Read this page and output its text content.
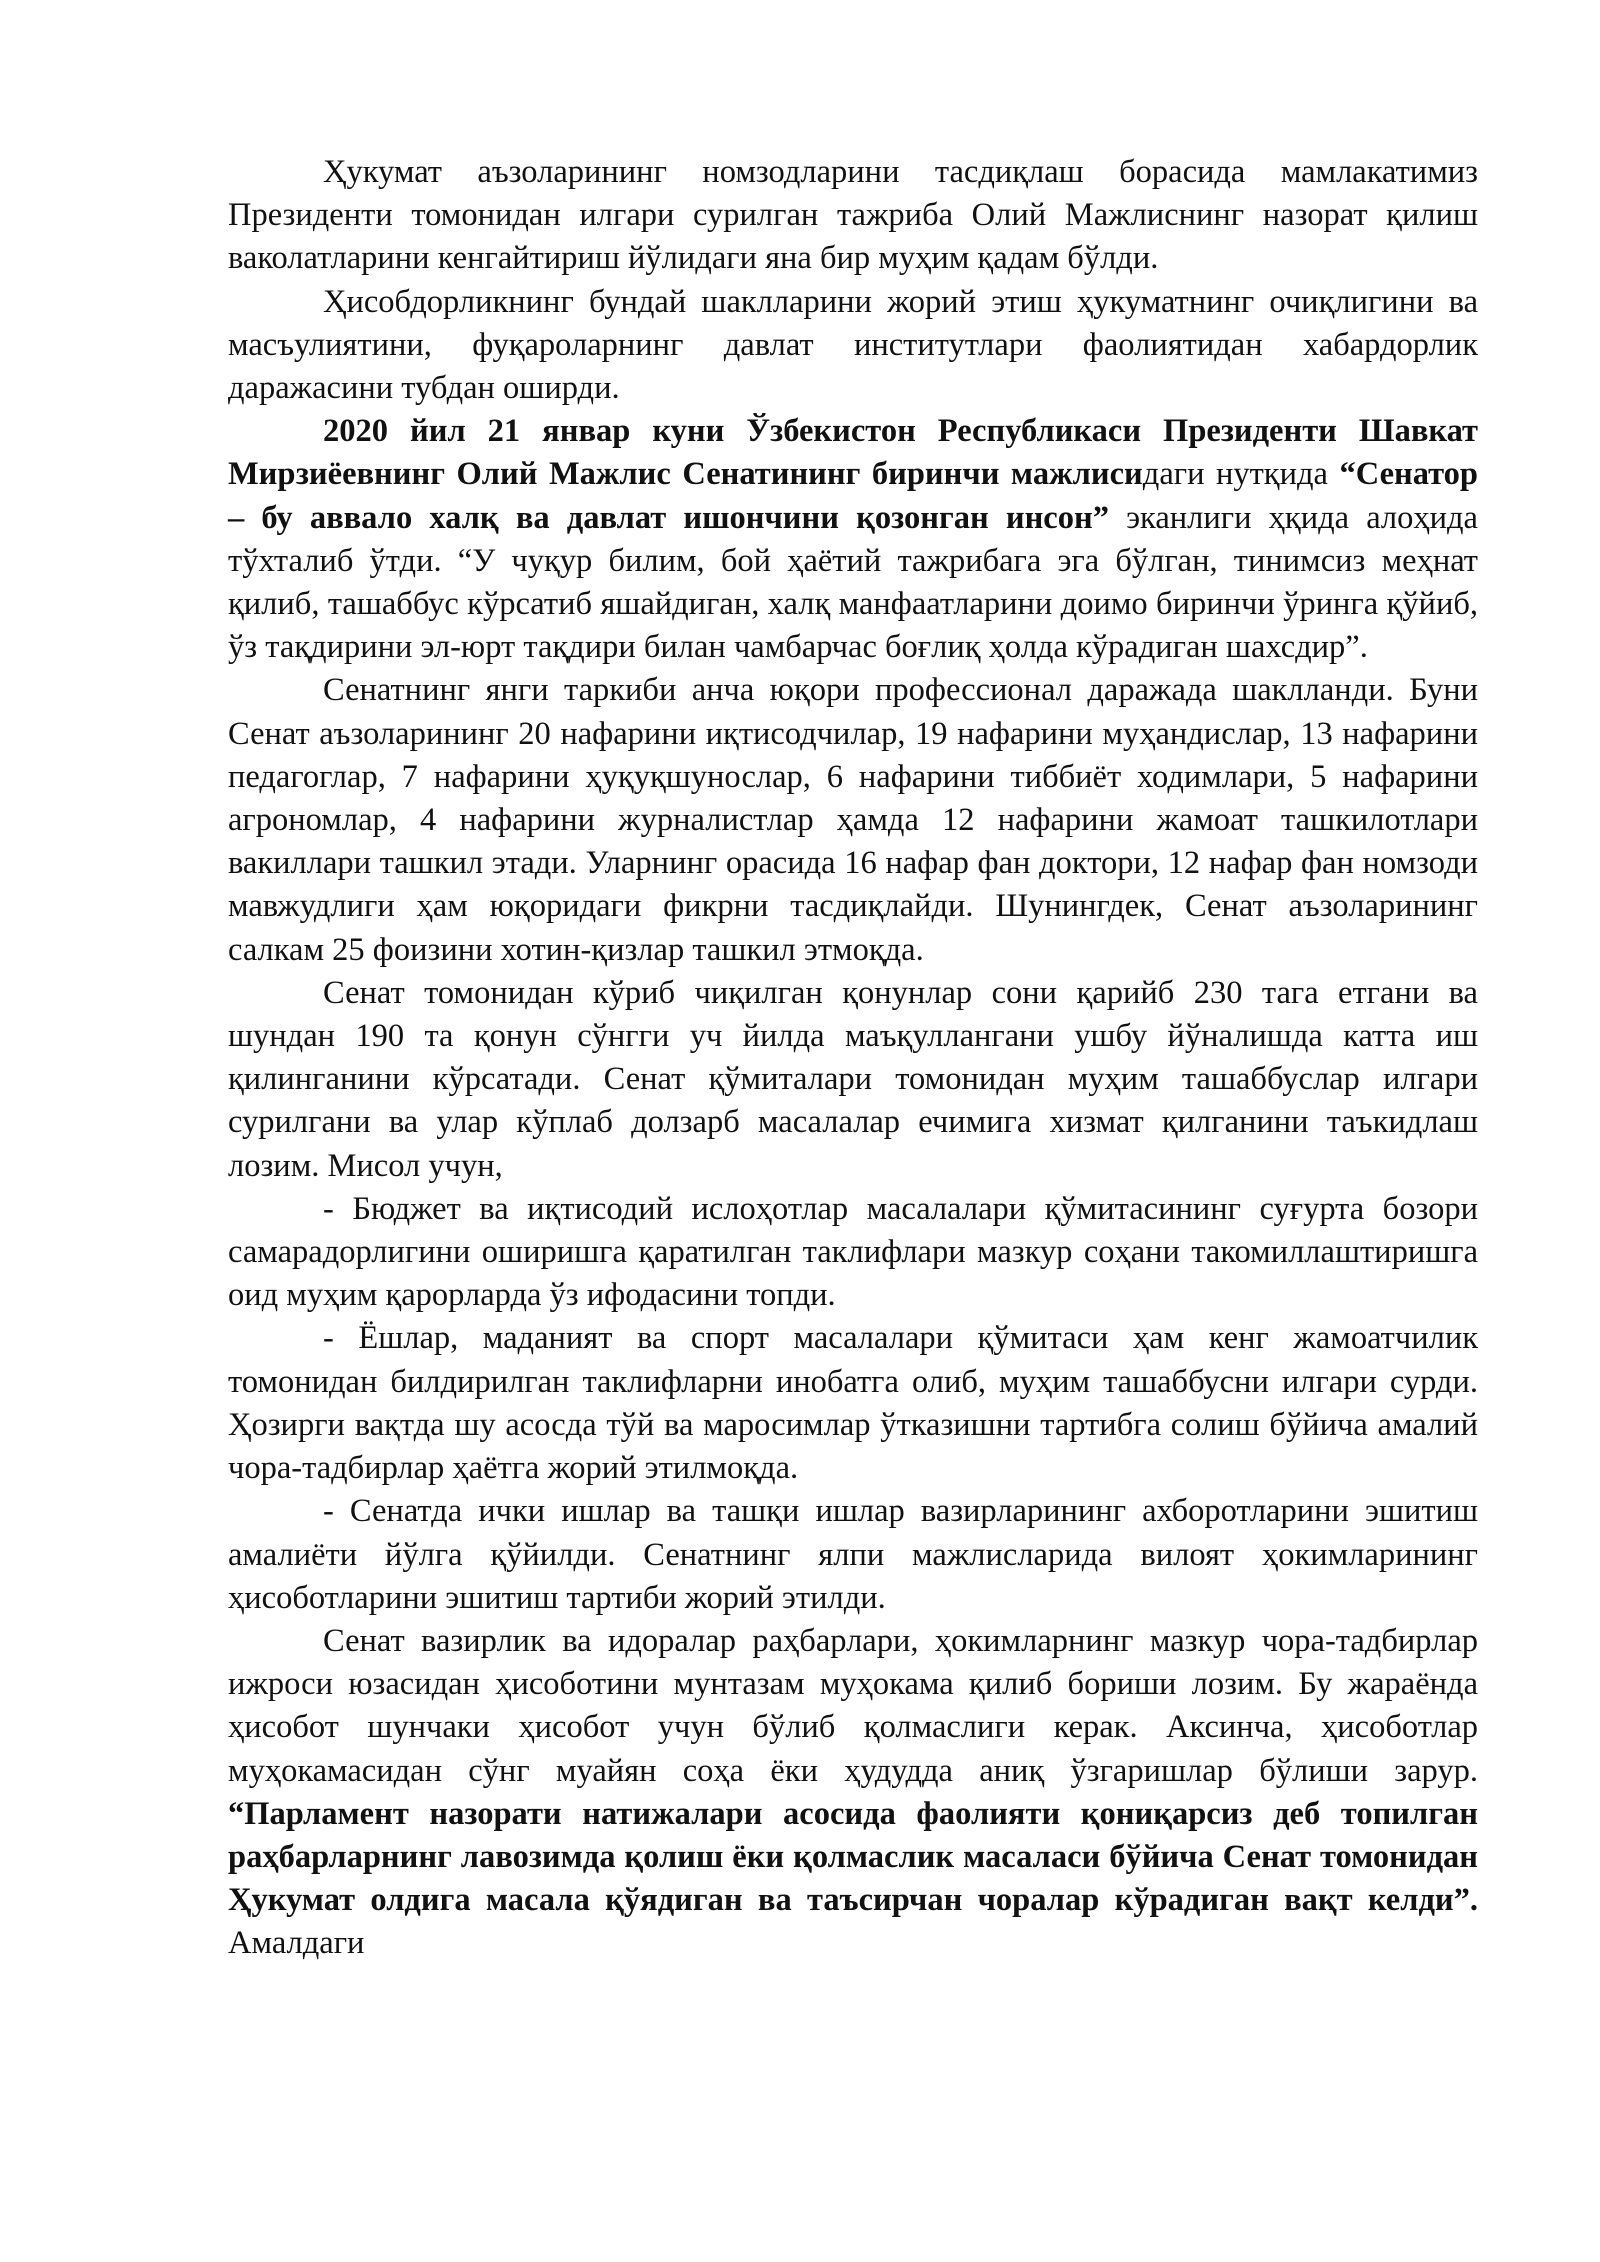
Ҳукумат аъзоларининг номзодларини тасдиқлаш борасида мамлакатимиз Президенти томонидан илгари сурилган тажриба Олий Мажлиснинг назорат қилиш ваколатларини кенгайтириш йўлидаги яна бир муҳим қадам бўлди.

Ҳисобдорликнинг бундай шаклларини жорий этиш ҳукуматнинг очиқлигини ва масъулиятини, фуқароларнинг давлат институтлари фаолиятидан хабардорлик даражасини тубдан оширди.

2020 йил 21 январ куни Ўзбекистон Республикаси Президенти Шавкат Мирзиёевнинг Олий Мажлис Сенатининг биринчи мажлисидаги нутқида “Сенатор – бу аввало халқ ва давлат ишончини қозонган инсон” эканлиги ҳқида алоҳида тўхталиб ўтди. “У чуқур билим, бой ҳаётий тажрибага эга бўлган, тинимсиз меҳнат қилиб, ташаббус кўрсатиб яшайдиган, халқ манфаатларини доимо биринчи ўринга қўйиб, ўз тақдирини эл-юрт тақдири билан чамбарчас боғлиқ ҳолда кўрадиган шахсдир”.

Сенатнинг янги таркиби анча юқори профессионал даражада шаклланди. Буни Сенат аъзоларининг 20 нафарини иқтисодчилар, 19 нафарини муҳандислар, 13 нафарини педагоглар, 7 нафарини ҳуқуқшунослар, 6 нафарини тиббиёт ходимлари, 5 нафарини агрономлар, 4 нафарини журналистлар ҳамда 12 нафарини жамоат ташкилотлари вакиллари ташкил этади. Уларнинг орасида 16 нафар фан доктори, 12 нафар фан номзоди мавжудлиги ҳам юқоридаги фикрни тасдиқлайди. Шунингдек, Сенат аъзоларининг салкам 25 фоизини хотин-қизлар ташкил этмоқда.

Сенат томонидан кўриб чиқилган қонунлар сони қарийб 230 тага етгани ва шундан 190 та қонун сўнгги уч йилда маъқуллангани ушбу йўналишда катта иш қилинганини кўрсатади. Сенат қўмиталари томонидан муҳим ташаббуслар илгари сурилгани ва улар кўплаб долзарб масалалар ечимига хизмат қилганини таъкидлаш лозим. Мисол учун,

- Бюджет ва иқтисодий ислоҳотлар масалалари қўмитасининг суғурта бозори самарадорлигини оширишга қаратилган таклифлари мазкур соҳани такомиллаштиришга оид муҳим қарорларда ўз ифодасини топди.

- Ёшлар, маданият ва спорт масалалари қўмитаси ҳам кенг жамоатчилик томонидан билдирилган таклифларни инобатга олиб, муҳим ташаббусни илгари сурди. Ҳозирги вақтда шу асосда тўй ва маросимлар ўтказишни тартибга солиш бўйича амалий чора-тадбирлар ҳаётга жорий этилмоқда.

- Сенатда ички ишлар ва ташқи ишлар вазирларининг ахборотларини эшитиш амалиёти йўлга қўйилди. Сенатнинг ялпи мажлисларида вилоят ҳокимларининг ҳисоботларини эшитиш тартиби жорий этилди.

Сенат вазирлик ва идоралар раҳбарлари, ҳокимларнинг мазкур чора-тадбирлар ижроси юзасидан ҳисоботини мунтазам муҳокама қилиб бориши лозим. Бу жараёнда ҳисобот шунчаки ҳисобот учун бўлиб қолмаслиги керак. Аксинча, ҳисоботлар муҳокамасидан сўнг муайян соҳа ёки ҳудудда аниқ ўзгаришлар бўлиши зарур. “Парламент назорати натижалари асосида фаолияти қониқарсиз деб топилган раҳбарларнинг лавозимда қолиш ёки қолмаслик масаласи бўйича Сенат томонидан Ҳукумат олдига масала қўядиган ва таъсирчан чоралар кўрадиган вақт келди”. Амалдаги
